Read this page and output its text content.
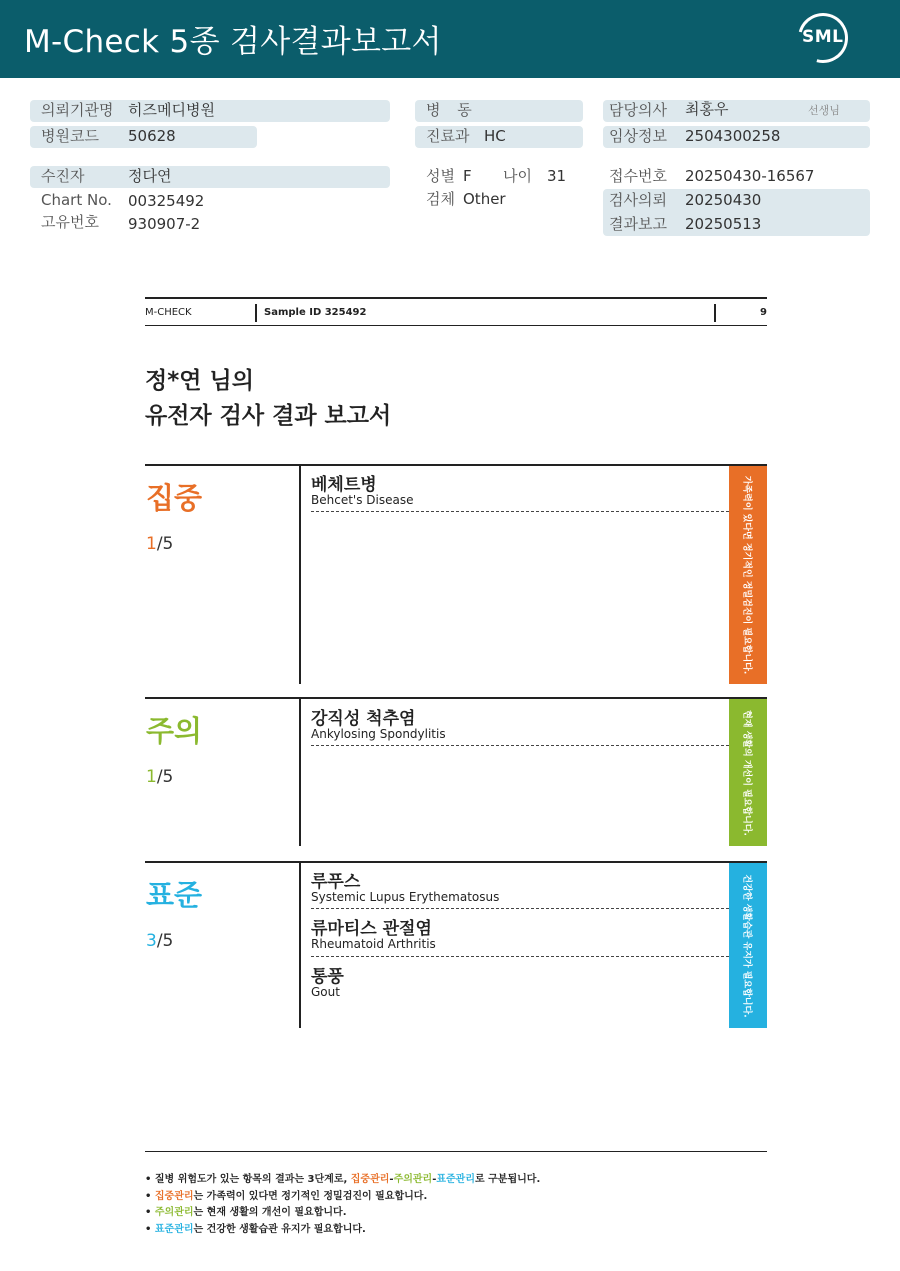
M-Check 5종 검사결과보고서	SML
의뢰기관명 히즈메디병원
병원코드 50628
수진자	정다연
Chart No. 00325492
고유번호 930907-2
병 동
진료과 HC
성별 F 나이 31
검체 Other
담당의사 최홍우	선생님
임상정보 2504300258
접수번호 20250430-16567
검사의뢰 20250430
결과보고 20250513
M-CHECK	Sample ID 325492	9
정*연 님의
유전자 검사 결과 보고서
집중
1/5	가족력이 있다면 정기적인 정밀검진이 필요합니다.
베체트병
Behcet's Disease
주의
1/5	현재 생활의 개선이 필요합니다.
강직성 척추염
Ankylosing Spondylitis
표준
3/5	건강한 생활습관 유지가 필요합니다.
루푸스
Systemic Lupus Erythematosus
류마티스 관절염
Rheumatoid Arthritis
통풍
Gout
• 질병 위험도가 있는 항목의 결과는 3단계로, 집중관리-주의관리-표준관리로 구분됩니다.
• 집중관리는 가족력이 있다면 정기적인 정밀검진이 필요합니다.
• 주의관리는 현재 생활의 개선이 필요합니다.
• 표준관리는 건강한 생활습관 유지가 필요합니다.
